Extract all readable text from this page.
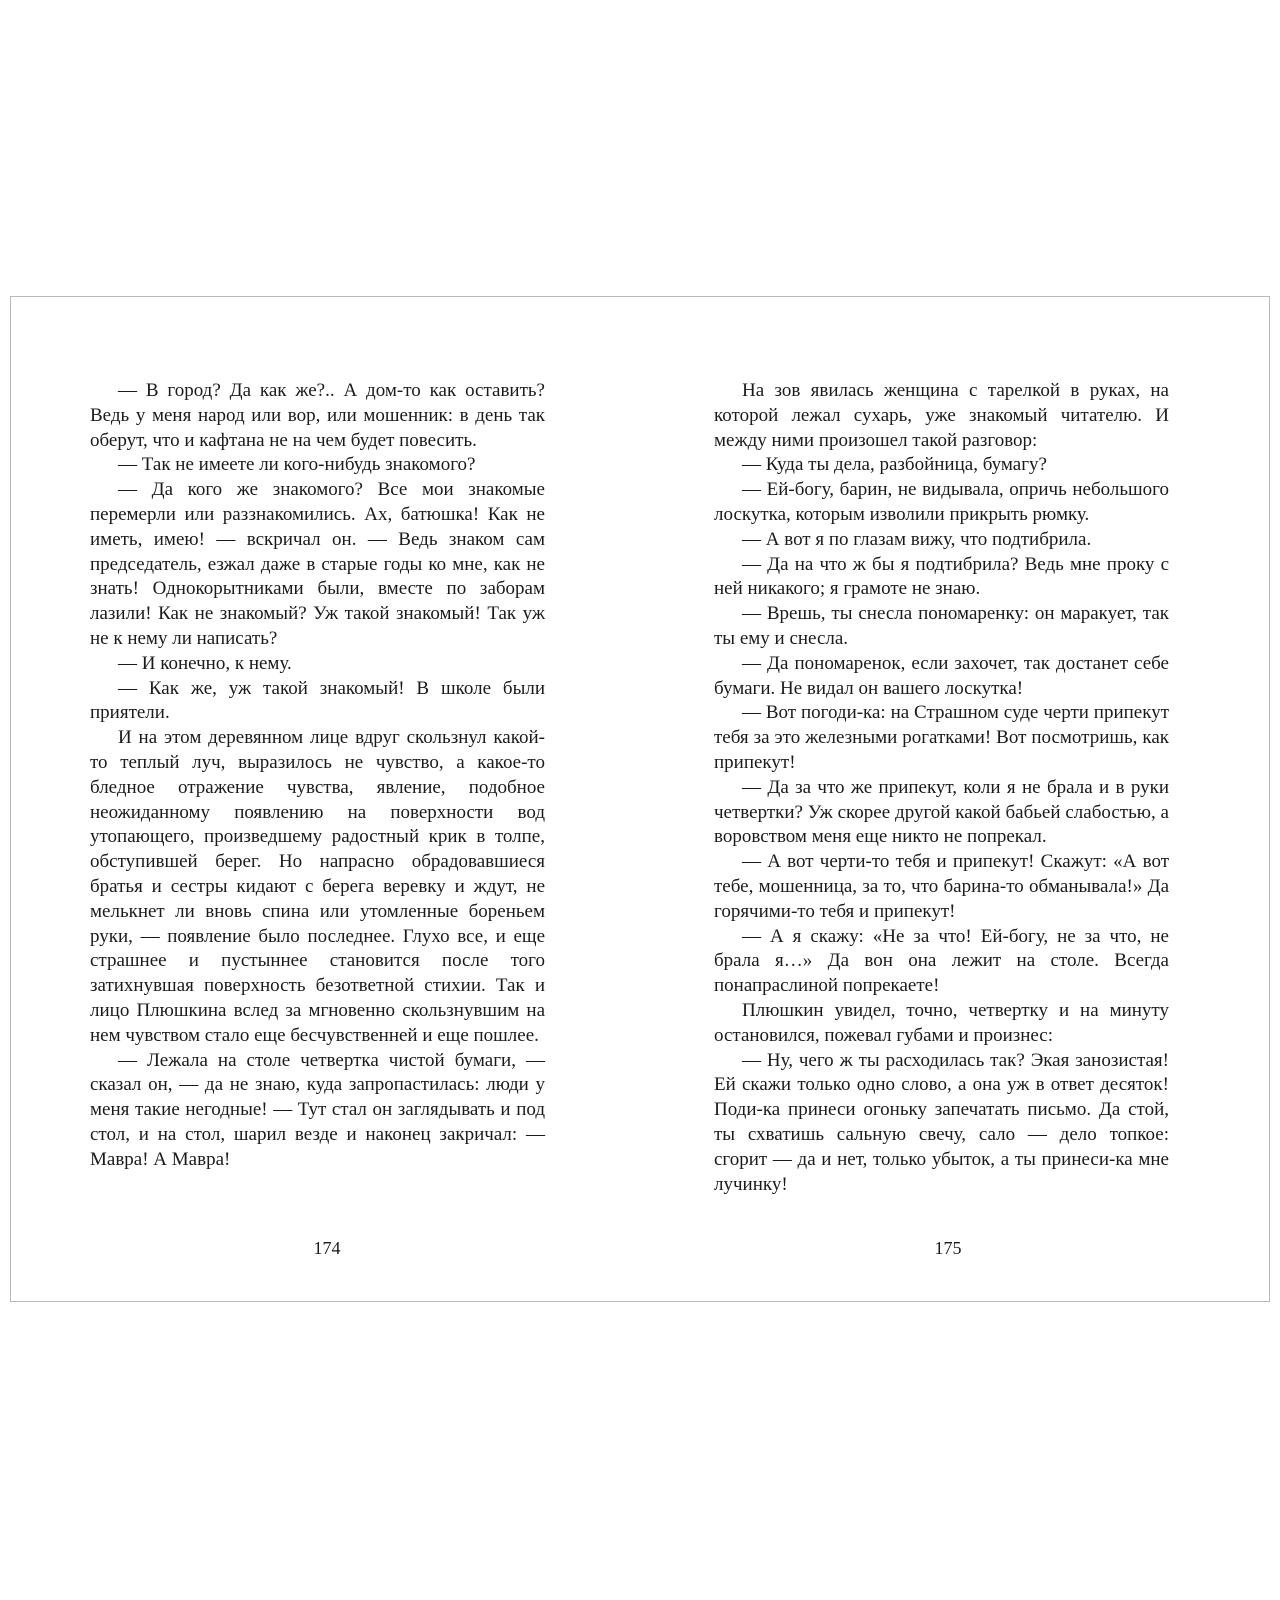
— В город? Да как же?.. А дом-то как оставить? Ведь у меня народ или вор, или мошенник: в день так оберут, что и кафтана не на чем будет повесить.

— Так не имеете ли кого-нибудь знакомого?

— Да кого же знакомого? Все мои знакомые перемерли или раззнакомились. Ах, батюшка! Как не иметь, имею! — вскричал он. — Ведь знаком сам председатель, езжал даже в старые годы ко мне, как не знать! Однокорытниками были, вместе по заборам лазили! Как не знакомый? Уж такой знакомый! Так уж не к нему ли написать?

— И конечно, к нему.

— Как же, уж такой знакомый! В школе были приятели.

И на этом деревянном лице вдруг скользнул какой-то теплый луч, выразилось не чувство, а какое-то бледное отражение чувства, явление, подобное неожиданному появлению на поверхности вод утопающего, произведшему радостный крик в толпе, обступившей берег. Но напрасно обрадовавшиеся братья и сестры кидают с берега веревку и ждут, не мелькнет ли вновь спина или утомленные бореньем руки, — появление было последнее. Глухо все, и еще страшнее и пустыннее становится после того затихнувшая поверхность безответной стихии. Так и лицо Плюшкина вслед за мгновенно скользнувшим на нем чувством стало еще бесчувственней и еще пошлее.

— Лежала на столе четвертка чистой бумаги, — сказал он, — да не знаю, куда запропастилась: люди у меня такие негодные! — Тут стал он заглядывать и под стол, и на стол, шарил везде и наконец закричал: — Мавра! А Мавра!

На зов явилась женщина с тарелкой в руках, на которой лежал сухарь, уже знакомый читателю. И между ними произошел такой разговор:

— Куда ты дела, разбойница, бумагу?

— Ей-богу, барин, не видывала, опричь небольшого лоскутка, которым изволили прикрыть рюмку.

— А вот я по глазам вижу, что подтибрила.

— Да на что ж бы я подтибрила? Ведь мне проку с ней никакого; я грамоте не знаю.

— Врешь, ты снесла пономаренку: он маракует, так ты ему и снесла.

— Да пономаренок, если захочет, так достанет себе бумаги. Не видал он вашего лоскутка!

— Вот погоди-ка: на Страшном суде черти припекут тебя за это железными рогатками! Вот посмотришь, как припекут!

— Да за что же припекут, коли я не брала и в руки четвертки? Уж скорее другой какой бабьей слабостью, а воровством меня еще никто не попрекал.

— А вот черти-то тебя и припекут! Скажут: «А вот тебе, мошенница, за то, что барина-то обманывала!» Да горячими-то тебя и припекут!

— А я скажу: «Не за что! Ей-богу, не за что, не брала я…» Да вон она лежит на столе. Всегда понапраслиной попрекаете!

Плюшкин увидел, точно, четвертку и на минуту остановился, пожевал губами и произнес:

— Ну, чего ж ты расходилась так? Экая занозистая! Ей скажи только одно слово, а она уж в ответ десяток! Поди-ка принеси огоньку запечатать письмо. Да стой, ты схватишь сальную свечу, сало — дело топкое: сгорит — да и нет, только убыток, а ты принеси-ка мне лучинку!

174	175
